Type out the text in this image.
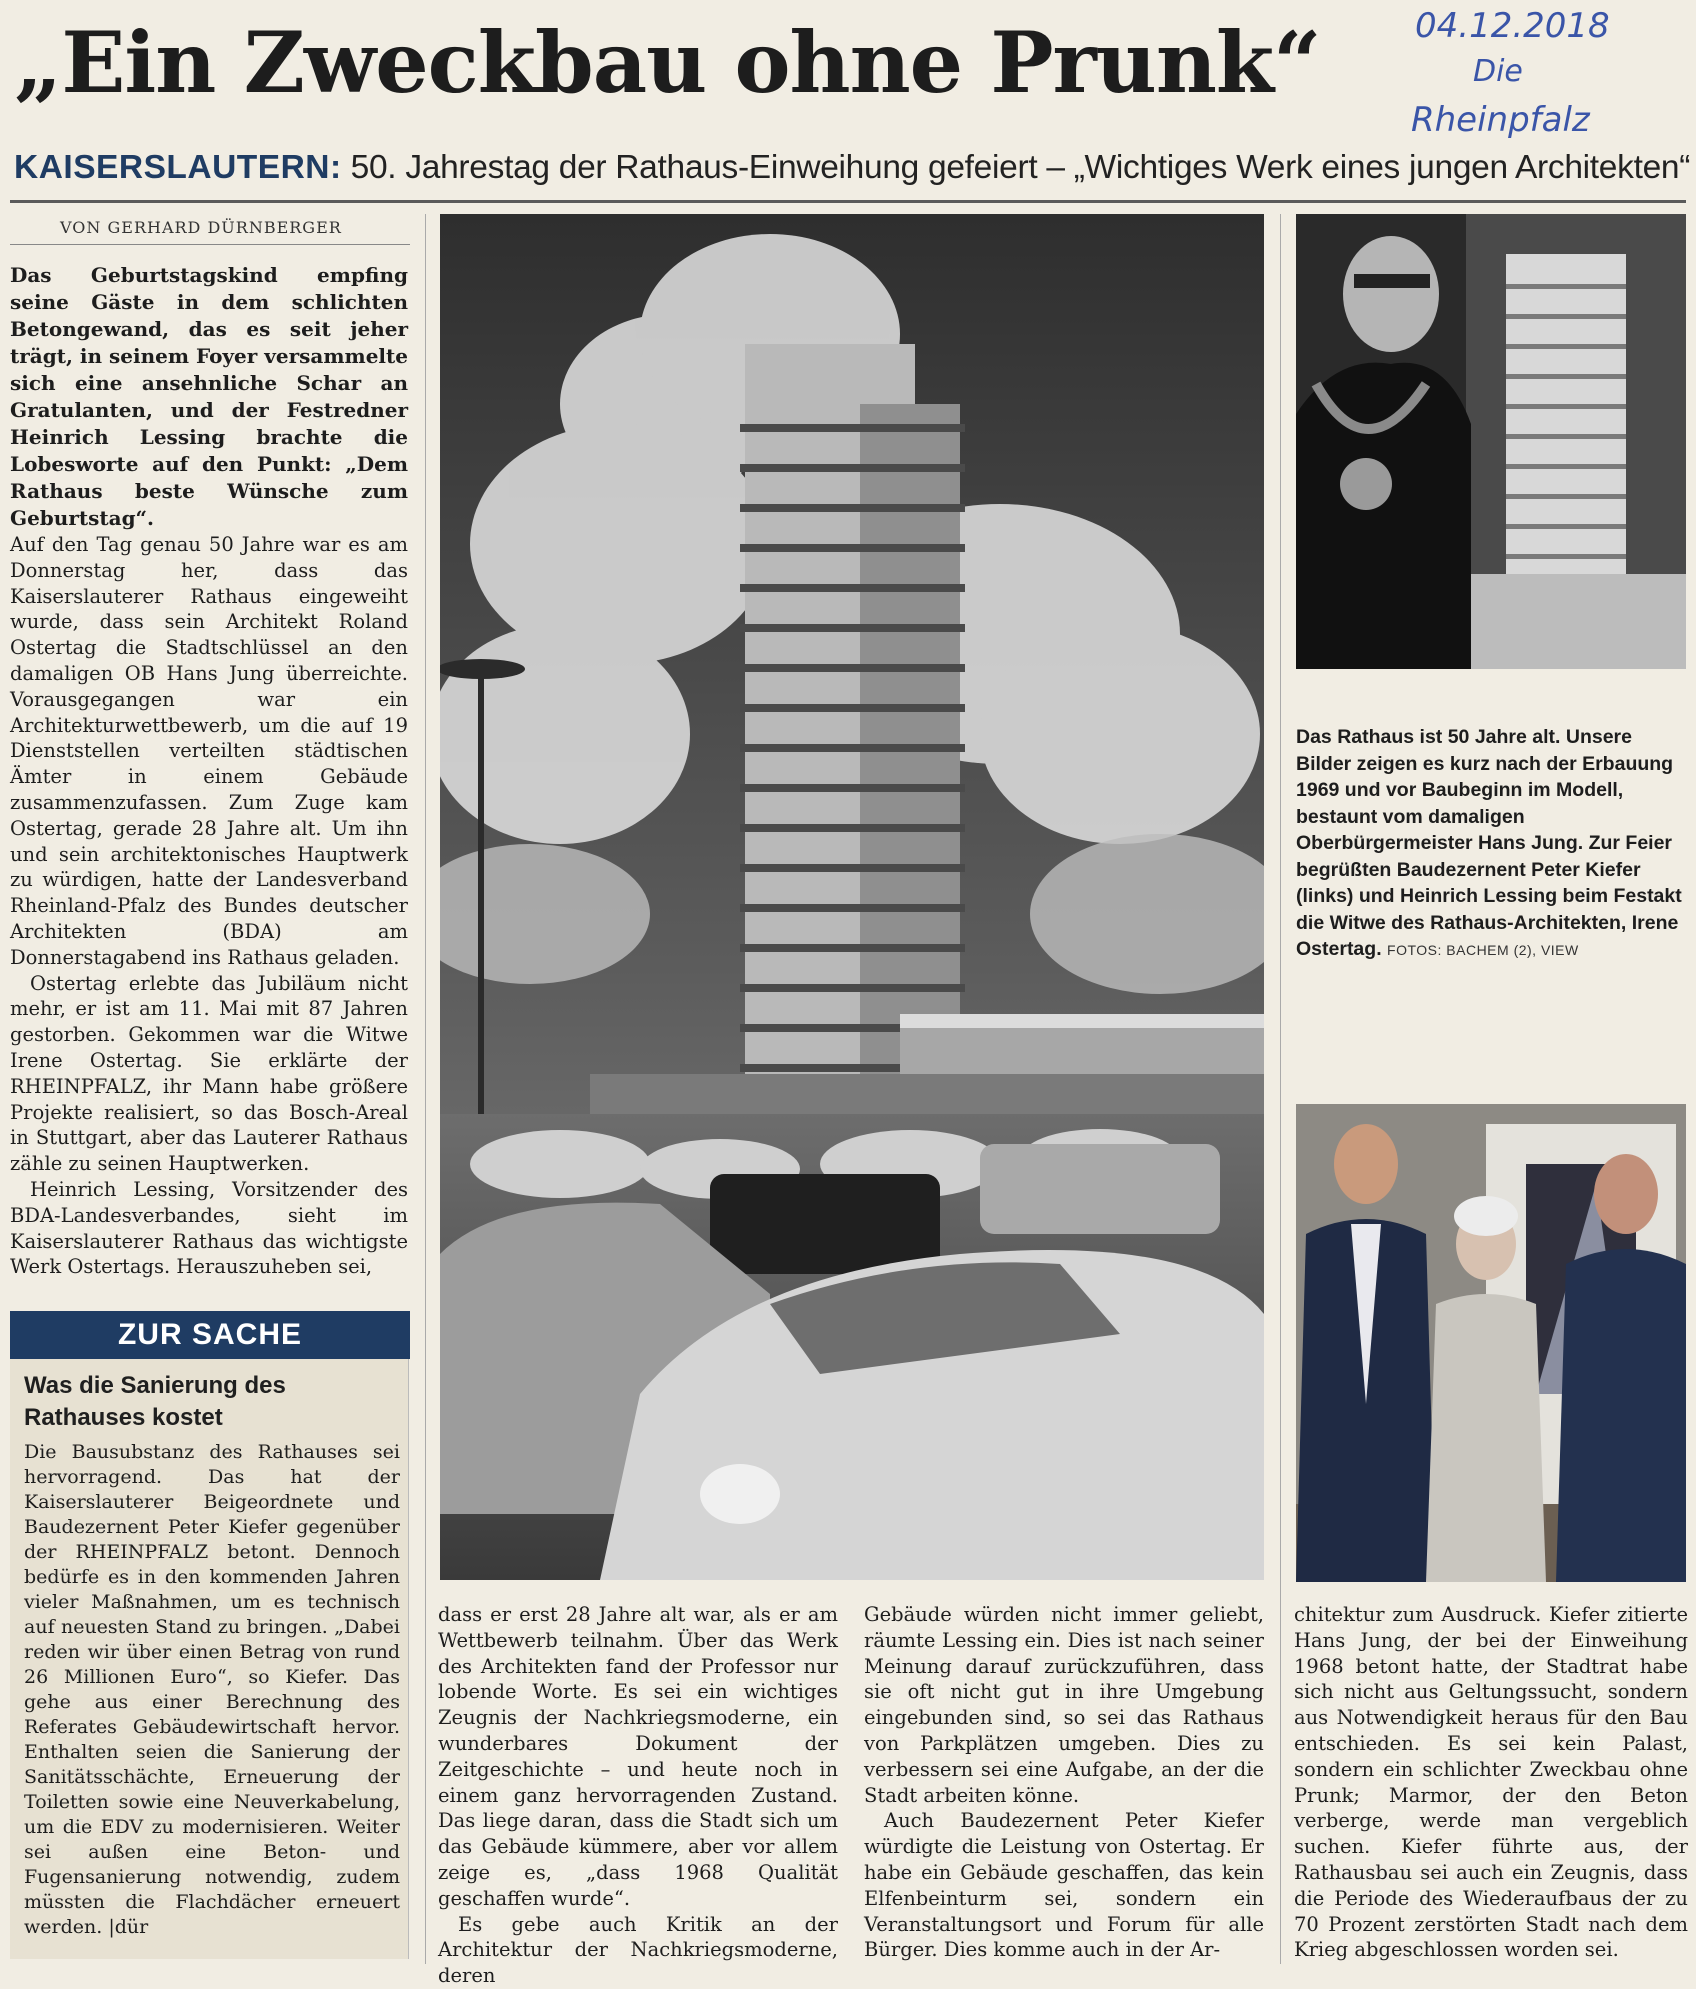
„Ein Zweckbau ohne Prunk“	04.12.2018
Die
Rheinpfalz

KAISERSLAUTERN: 50. Jahrestag der Rathaus-Einweihung gefeiert – „Wichtiges Werk eines jungen Architekten“

VON GERHARD DÜRNBERGER
Das Geburtstagskind empfing seine Gäste in dem schlichten Betongewand, das es seit jeher trägt, in seinem Foyer versammelte sich eine ansehnliche Schar an Gratulanten, und der Festredner Heinrich Lessing brachte die Lobesworte auf den Punkt: „Dem Rathaus beste Wünsche zum Geburtstag“.

Auf den Tag genau 50 Jahre war es am Donnerstag her, dass das Kaiserslauterer Rathaus eingeweiht wurde, dass sein Architekt Roland Ostertag die Stadtschlüssel an den damaligen OB Hans Jung überreichte. Vorausgegangen war ein Architekturwettbewerb, um die auf 19 Dienststellen verteilten städtischen Ämter in einem Gebäude zusammenzufassen. Zum Zuge kam Ostertag, gerade 28 Jahre alt. Um ihn und sein architektonisches Hauptwerk zu würdigen, hatte der Landesverband Rheinland-Pfalz des Bundes deutscher Architekten (BDA) am Donnerstagabend ins Rathaus geladen.

Ostertag erlebte das Jubiläum nicht mehr, er ist am 11. Mai mit 87 Jahren gestorben. Gekommen war die Witwe Irene Ostertag. Sie erklärte der RHEINPFALZ, ihr Mann habe größere Projekte realisiert, so das Bosch-Areal in Stuttgart, aber das Lauterer Rathaus zähle zu seinen Hauptwerken.

Heinrich Lessing, Vorsitzender des BDA-Landesverbandes, sieht im Kaiserslauterer Rathaus das wichtigste Werk Ostertags. Herauszuheben sei,

ZUR SACHE
Was die Sanierung des Rathauses kostet
Die Bausubstanz des Rathauses sei hervorragend. Das hat der Kaiserslauterer Beigeordnete und Baudezernent Peter Kiefer gegenüber der RHEINPFALZ betont. Dennoch bedürfe es in den kommenden Jahren vieler Maßnahmen, um es technisch auf neuesten Stand zu bringen. „Dabei reden wir über einen Betrag von rund 26 Millionen Euro“, so Kiefer. Das gehe aus einer Berechnung des Referates Gebäudewirtschaft hervor. Enthalten seien die Sanierung der Sanitätsschächte, Erneuerung der Toiletten sowie eine Neuverkabelung, um die EDV zu modernisieren. Weiter sei außen eine Beton- und Fugensanierung notwendig, zudem müssten die Flachdächer erneuert werden. |dür
Das Rathaus ist 50 Jahre alt. Unsere Bilder zeigen es kurz nach der Erbauung 1969 und vor Baubeginn im Modell, bestaunt vom damaligen Oberbürgermeister Hans Jung. Zur Feier begrüßten Baudezernent Peter Kiefer (links) und Heinrich Lessing beim Festakt die Witwe des Rathaus-Architekten, Irene Ostertag. FOTOS: BACHEM (2), VIEW

dass er erst 28 Jahre alt war, als er am Wettbewerb teilnahm. Über das Werk des Architekten fand der Professor nur lobende Worte. Es sei ein wichtiges Zeugnis der Nachkriegsmoderne, ein wunderbares Dokument der Zeitgeschichte – und heute noch in einem ganz hervorragenden Zustand. Das liege daran, dass die Stadt sich um das Gebäude kümmere, aber vor allem zeige es, „dass 1968 Qualität geschaffen wurde“.

Es gebe auch Kritik an der Architektur der Nachkriegsmoderne, deren

Gebäude würden nicht immer geliebt, räumte Lessing ein. Dies ist nach seiner Meinung darauf zurückzuführen, dass sie oft nicht gut in ihre Umgebung eingebunden sind, so sei das Rathaus von Parkplätzen umgeben. Dies zu verbessern sei eine Aufgabe, an der die Stadt arbeiten könne.

Auch Baudezernent Peter Kiefer würdigte die Leistung von Ostertag. Er habe ein Gebäude geschaffen, das kein Elfenbeinturm sei, sondern ein Veranstaltungsort und Forum für alle Bürger. Dies komme auch in der Ar-

chitektur zum Ausdruck. Kiefer zitierte Hans Jung, der bei der Einweihung 1968 betont hatte, der Stadtrat habe sich nicht aus Geltungssucht, sondern aus Notwendigkeit heraus für den Bau entschieden. Es sei kein Palast, sondern ein schlichter Zweckbau ohne Prunk; Marmor, der den Beton verberge, werde man vergeblich suchen. Kiefer führte aus, der Rathausbau sei auch ein Zeugnis, dass die Periode des Wiederaufbaus der zu 70 Prozent zerstörten Stadt nach dem Krieg abgeschlossen worden sei.
